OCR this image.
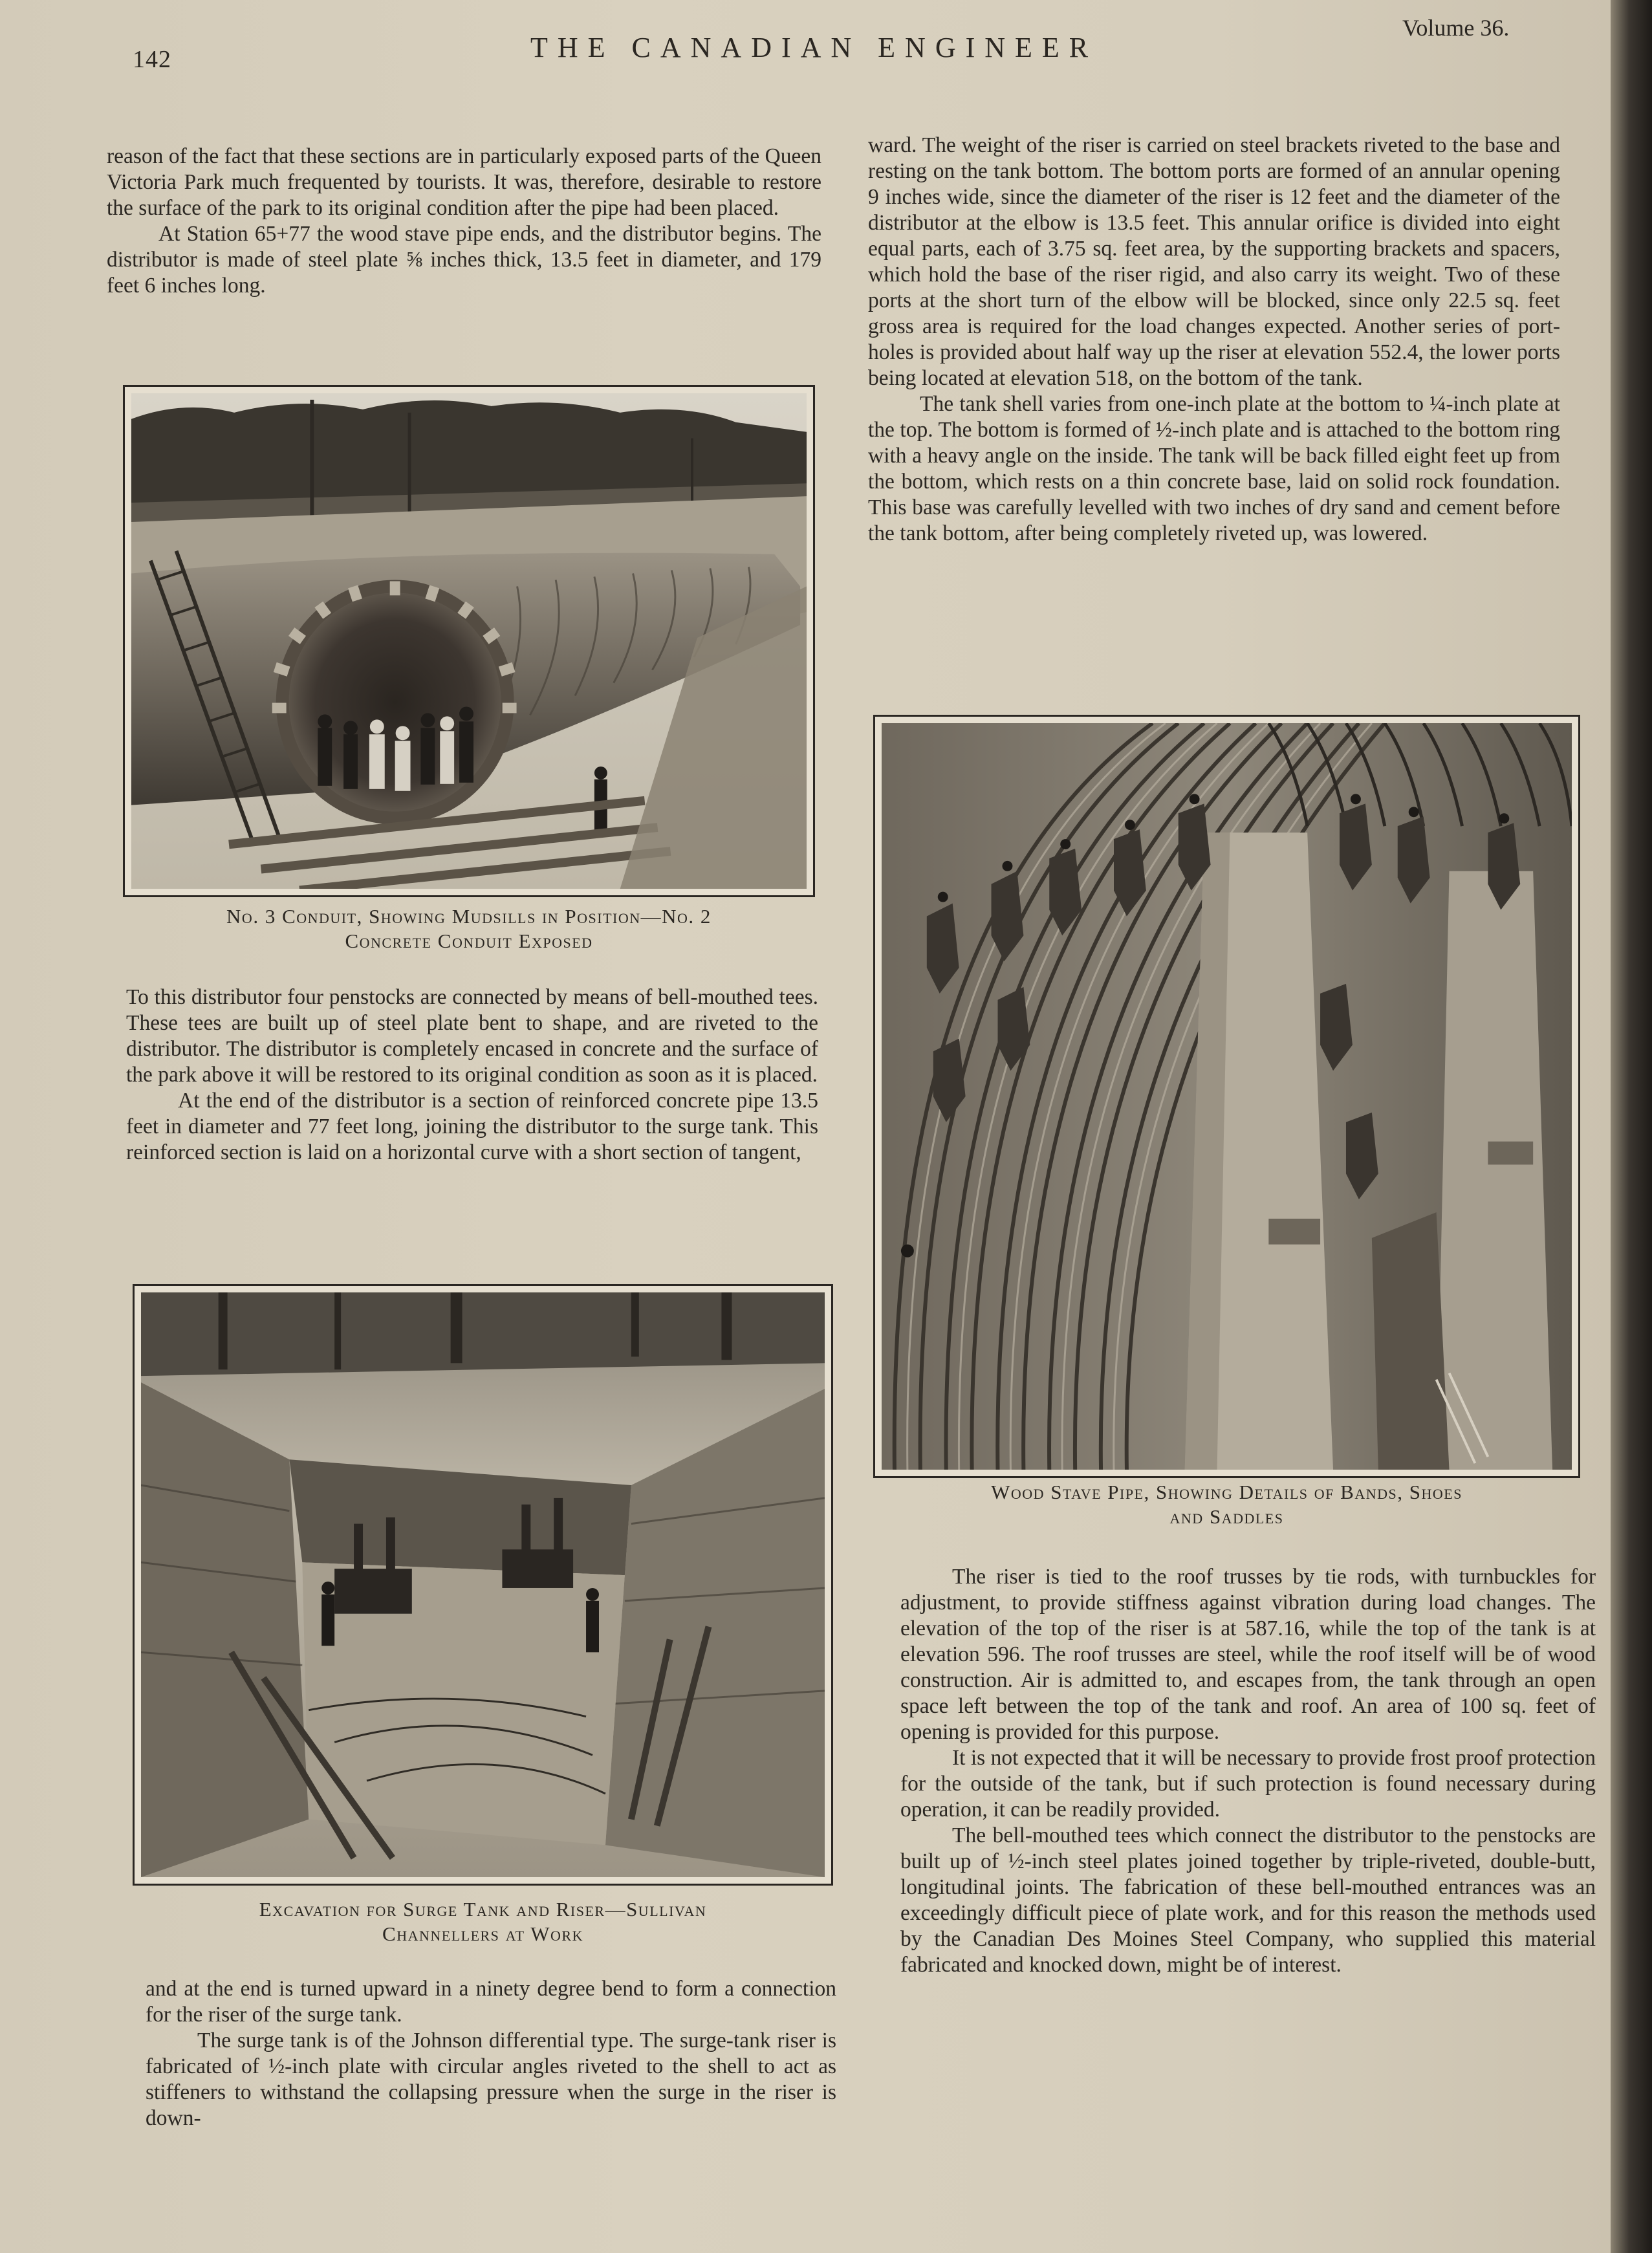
142	THE CANADIAN ENGINEER
Volume 36.

reason of the fact that these sections are in particularly exposed parts of the Queen Victoria Park much frequented by tourists. It was, therefore, desirable to restore the surface of the park to its original condition after the pipe had been placed.

At Station 65+77 the wood stave pipe ends, and the distributor begins. The distributor is made of steel plate ⅝ inches thick, 13.5 feet in diameter, and 179 feet 6 inches long.

No. 3 Conduit, Showing Mudsills in Position—No. 2
Concrete Conduit Exposed

To this distributor four penstocks are connected by means of bell-mouthed tees. These tees are built up of steel plate bent to shape, and are riveted to the distributor. The distributor is completely encased in concrete and the surface of the park above it will be restored to its original condition as soon as it is placed.

At the end of the distributor is a section of reinforced concrete pipe 13.5 feet in diameter and 77 feet long, joining the distributor to the surge tank. This reinforced section is laid on a horizontal curve with a short section of tangent,

Excavation for Surge Tank and Riser—Sullivan
Channellers at Work

and at the end is turned upward in a ninety degree bend to form a connection for the riser of the surge tank.

The surge tank is of the Johnson differential type. The surge-tank riser is fabricated of ½-inch plate with circular angles riveted to the shell to act as stiffeners to withstand the collapsing pressure when the surge in the riser is down-

ward. The weight of the riser is carried on steel brackets riveted to the base and resting on the tank bottom. The bottom ports are formed of an annular opening 9 inches wide, since the diameter of the riser is 12 feet and the diameter of the distributor at the elbow is 13.5 feet. This annular orifice is divided into eight equal parts, each of 3.75 sq. feet area, by the supporting brackets and spacers, which hold the base of the riser rigid, and also carry its weight. Two of these ports at the short turn of the elbow will be blocked, since only 22.5 sq. feet gross area is required for the load changes expected. Another series of port-holes is provided about half way up the riser at elevation 552.4, the lower ports being located at elevation 518, on the bottom of the tank.

The tank shell varies from one-inch plate at the bottom to ¼-inch plate at the top. The bottom is formed of ½-inch plate and is attached to the bottom ring with a heavy angle on the inside. The tank will be back filled eight feet up from the bottom, which rests on a thin concrete base, laid on solid rock foundation. This base was carefully levelled with two inches of dry sand and cement before the tank bottom, after being completely riveted up, was lowered.

Wood Stave Pipe, Showing Details of Bands, Shoes
and Saddles

The riser is tied to the roof trusses by tie rods, with turnbuckles for adjustment, to provide stiffness against vibration during load changes. The elevation of the top of the riser is at 587.16, while the top of the tank is at elevation 596. The roof trusses are steel, while the roof itself will be of wood construction. Air is admitted to, and escapes from, the tank through an open space left between the top of the tank and roof. An area of 100 sq. feet of opening is provided for this purpose.

It is not expected that it will be necessary to provide frost proof protection for the outside of the tank, but if such protection is found necessary during operation, it can be readily provided.

The bell-mouthed tees which connect the distributor to the penstocks are built up of ½-inch steel plates joined together by triple-riveted, double-butt, longitudinal joints. The fabrication of these bell-mouthed entrances was an exceedingly difficult piece of plate work, and for this reason the methods used by the Canadian Des Moines Steel Company, who supplied this material fabricated and knocked down, might be of interest.
